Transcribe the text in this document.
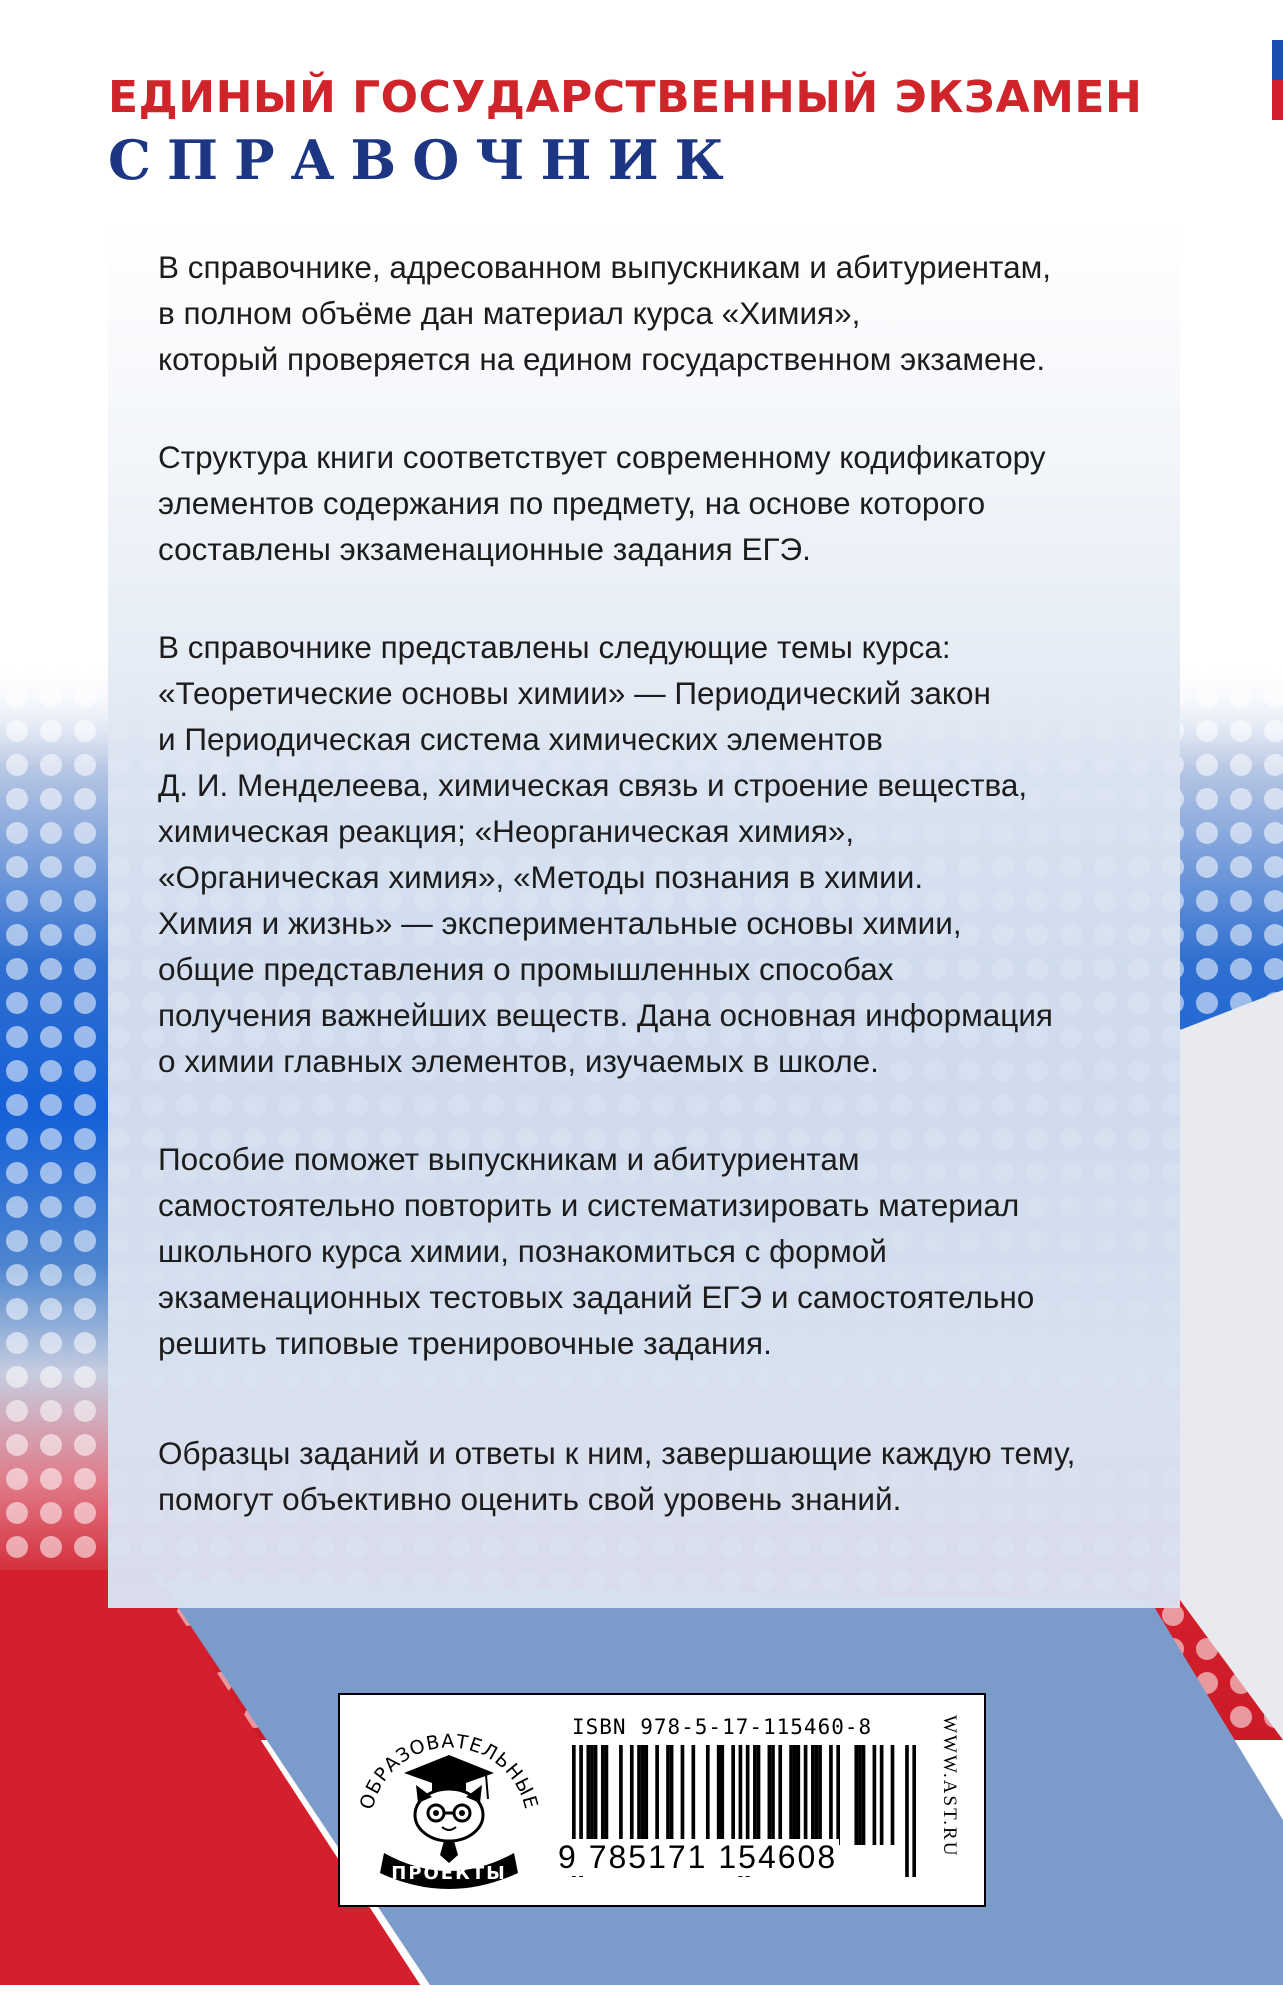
ЕДИНЫЙ ГОСУДАРСТВЕННЫЙ ЭКЗАМЕН
СПРАВОЧНИК

В справочнике, адресованном выпускникам и абитуриентам,
в полном объёме дан материал курса «Химия»,
который проверяется на едином государственном экзамене.

Структура книги соответствует современному кодификатору
элементов содержания по предмету, на основе которого
составлены экзаменационные задания ЕГЭ.

В справочнике представлены следующие темы курса:
«Теоретические основы химии» — Периодический закон
и Периодическая система химических элементов
Д. И. Менделеева, химическая связь и строение вещества,
химическая реакция; «Неорганическая химия»,
«Органическая химия», «Методы познания в химии.
Химия и жизнь» — экспериментальные основы химии,
общие представления о промышленных способах
получения важнейших веществ. Дана основная информация
о химии главных элементов, изучаемых в школе.

Пособие поможет выпускникам и абитуриентам
самостоятельно повторить и систематизировать материал
школьного курса химии, познакомиться с формой
экзаменационных тестовых заданий ЕГЭ и самостоятельно
решить типовые тренировочные задания.

Образцы заданий и ответы к ним, завершающие каждую тему,
помогут объективно оценить свой уровень знаний.

ОБРАЗОВАТЕЛЬНЫЕ
ПРОЕКТЫ

ISBN 978-5-17-115460-8

9 785171 154608	WWW.AST.RU
